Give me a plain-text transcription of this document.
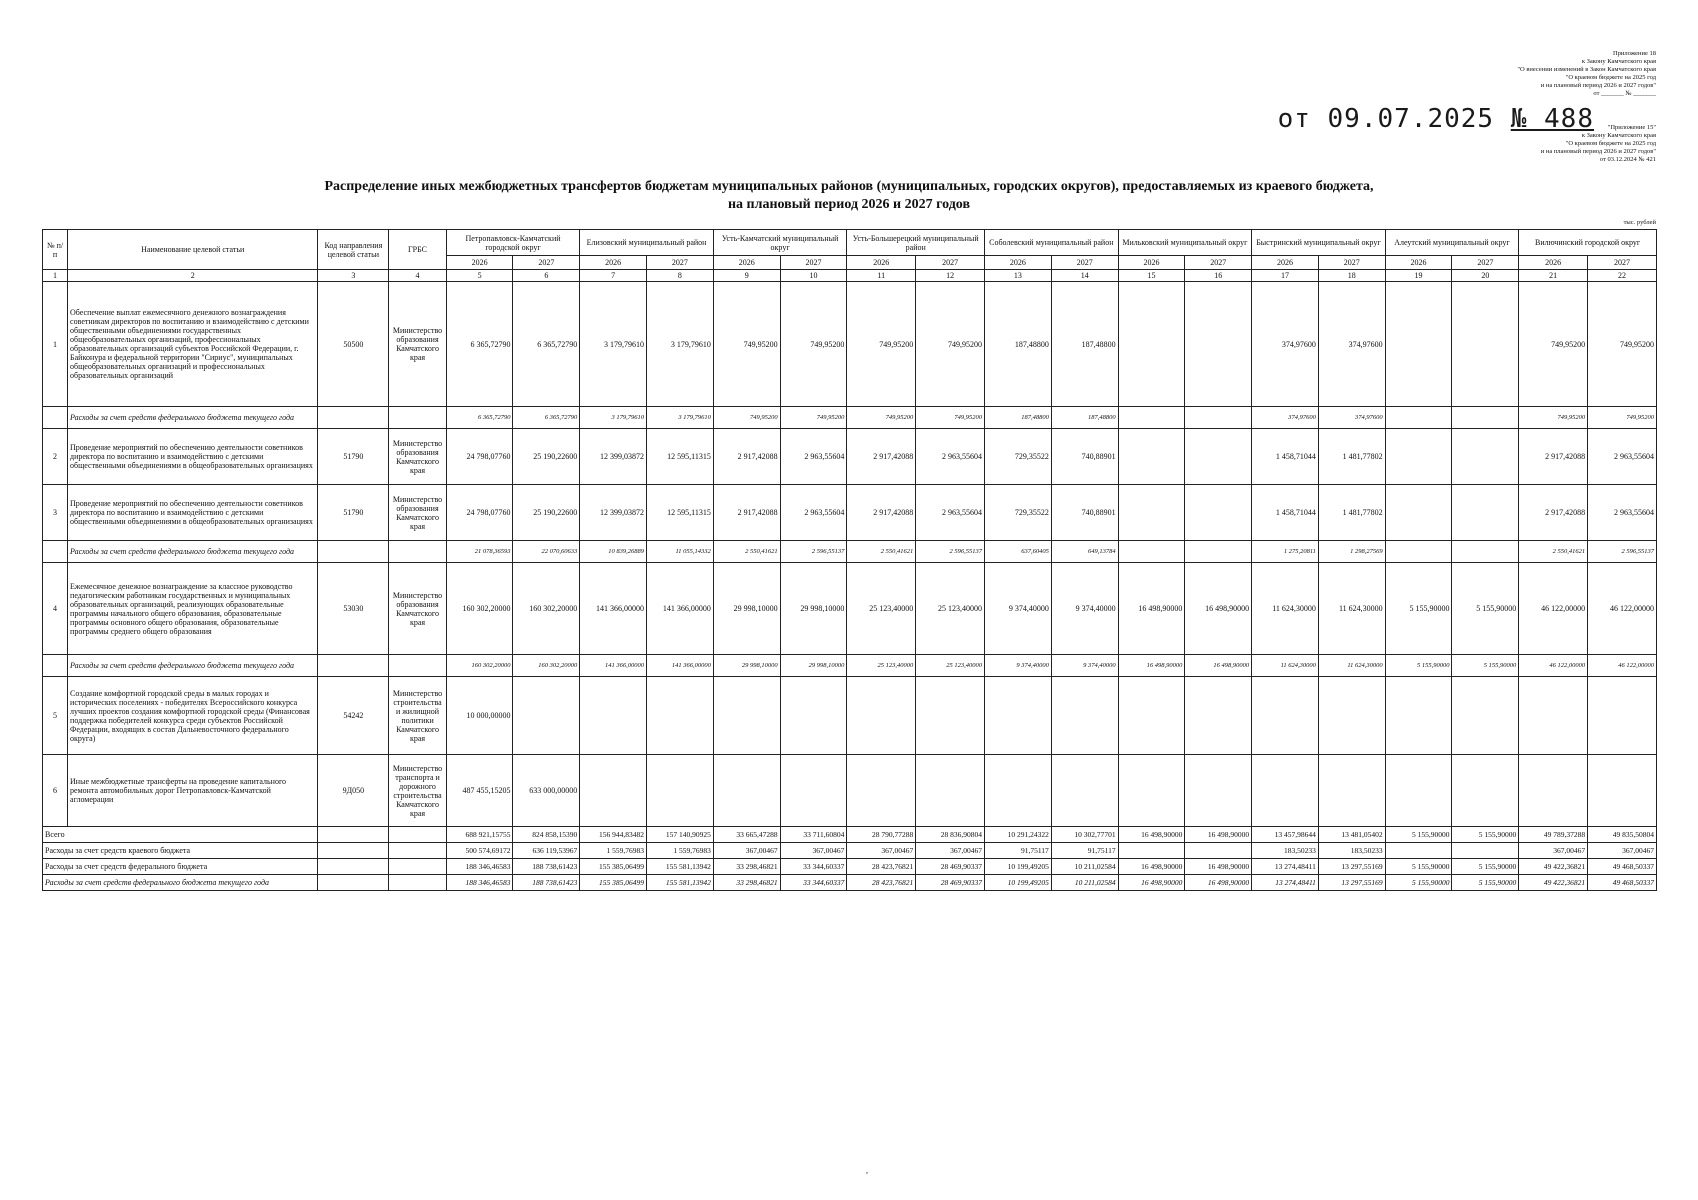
Приложение 18
к Закону Камчатского края
"О внесении изменений в Закон Камчатского края
"О краевом бюджете на 2025 год
и на плановый период 2026 и 2027 годов"
от _______ № _______
от 09.07.2025 № 488	"Приложение 15"
к Закону Камчатского края
"О краевом бюджете на 2025 год
и на плановый период 2026 и 2027 годов"
от 03.12.2024 № 421
Распределение иных межбюджетных трансфертов бюджетам муниципальных районов (муниципальных, городских округов), предоставляемых из краевого бюджета,
на плановый период 2026 и 2027 годов
тыс. рублей
№ п/п	Наименование целевой статьи	Код направления целевой статьи	ГРБС	Петропавловск-Камчатский городской округ		Елизовский муниципальный район		Усть-Камчатский муниципальный округ		Усть-Большерецкий муниципальный район		Соболевский муниципальный район		Мильковский муниципальный округ		Быстринский муниципальный округ		Алеутский муниципальный округ		Вилючинский городской округ	
				2026	2027	2026	2027	2026	2027	2026	2027	2026	2027	2026	2027	2026	2027	2026	2027	2026	2027
1	2	3	4	5	6	7	8	9	10	11	12	13	14	15	16	17	18	19	20	21	22
1	Обеспечение выплат ежемесячного денежного вознаграждения советникам директоров по воспитанию и взаимодействию с детскими общественными объединениями государственных общеобразовательных организаций, профессиональных образовательных организаций субъектов Российской Федерации, г. Байконура и федеральной территории "Сириус", муниципальных общеобразовательных организаций и профессиональных образовательных организаций	50500	Министерство образования Камчатского края	6 365,72790	6 365,72790	3 179,79610	3 179,79610	749,95200	749,95200	749,95200	749,95200	187,48800	187,48800			374,97600	374,97600			749,95200	749,95200
	Расходы за счет средств федерального бюджета текущего года			6 365,72790	6 365,72790	3 179,79610	3 179,79610	749,95200	749,95200	749,95200	749,95200	187,48800	187,48800			374,97600	374,97600			749,95200	749,95200
2	Проведение мероприятий по обеспечению деятельности советников директора по воспитанию и взаимодействию с детскими общественными объединениями в общеобразовательных организациях	51790	Министерство образования Камчатского края	24 798,07760	25 190,22600	12 399,03872	12 595,11315	2 917,42088	2 963,55604	2 917,42088	2 963,55604	729,35522	740,88901			1 458,71044	1 481,77802			2 917,42088	2 963,55604
3	Проведение мероприятий по обеспечению деятельности советников директора по воспитанию и взаимодействию с детскими общественными объединениями в общеобразовательных организациях	51790	Министерство образования Камчатского края	24 798,07760	25 190,22600	12 399,03872	12 595,11315	2 917,42088	2 963,55604	2 917,42088	2 963,55604	729,35522	740,88901			1 458,71044	1 481,77802			2 917,42088	2 963,55604
	Расходы за счет средств федерального бюджета текущего года			21 078,36593	22 070,60633	10 839,26889	11 055,14332	2 550,41621	2 596,55137	2 550,41621	2 596,55137	637,60405	649,13784			1 275,20811	1 298,27569			2 550,41621	2 596,55137
4	Ежемесячное денежное вознаграждение за классное руководство педагогическим работникам государственных и муниципальных образовательных организаций, реализующих образовательные программы начального общего образования, образовательные программы основного общего образования, образовательные программы среднего общего образования	53030	Министерство образования Камчатского края	160 302,20000	160 302,20000	141 366,00000	141 366,00000	29 998,10000	29 998,10000	25 123,40000	25 123,40000	9 374,40000	9 374,40000	16 498,90000	16 498,90000	11 624,30000	11 624,30000	5 155,90000	5 155,90000	46 122,00000	46 122,00000
	Расходы за счет средств федерального бюджета текущего года			160 302,20000	160 302,20000	141 366,00000	141 366,00000	29 998,10000	29 998,10000	25 123,40000	25 123,40000	9 374,40000	9 374,40000	16 498,90000	16 498,90000	11 624,30000	11 624,30000	5 155,90000	5 155,90000	46 122,00000	46 122,00000
5	Создание комфортной городской среды в малых городах и исторических поселениях - победителях Всероссийского конкурса лучших проектов создания комфортной городской среды (Финансовая поддержка победителей конкурса среди субъектов Российской Федерации, входящих в состав Дальневосточного федерального округа)	54242	Министерство строительства и жилищной политики Камчатского края	10 000,00000																	
6	Иные межбюджетные трансферты на проведение капитального ремонта автомобильных дорог Петропавловск-Камчатской агломерации	9Д050	Министерство транспорта и дорожного строительства Камчатского края	487 455,15205	633 000,00000																
Всего				688 921,15755	824 858,15390	156 944,83482	157 140,90925	33 665,47288	33 711,60804	28 790,77288	28 836,90804	10 291,24322	10 302,77701	16 498,90000	16 498,90000	13 457,98644	13 481,05402	5 155,90000	5 155,90000	49 789,37288	49 835,50804
Расходы за счет средств краевого бюджета				500 574,69172	636 119,53967	1 559,76983	1 559,76983	367,00467	367,00467	367,00467	367,00467	91,75117	91,75117			183,50233	183,50233			367,00467	367,00467
Расходы за счет средств федерального бюджета				188 346,46583	188 738,61423	155 385,06499	155 581,13942	33 298,46821	33 344,60337	28 423,76821	28 469,90337	10 199,49205	10 211,02584	16 498,90000	16 498,90000	13 274,48411	13 297,55169	5 155,90000	5 155,90000	49 422,36821	49 468,50337
Расходы за счет средств федерального бюджета текущего года				188 346,46583	188 738,61423	155 385,06499	155 581,13942	33 298,46821	33 344,60337	28 423,76821	28 469,90337	10 199,49205	10 211,02584	16 498,90000	16 498,90000	13 274,48411	13 297,55169	5 155,90000	5 155,90000	49 422,36821	49 468,50337
,
